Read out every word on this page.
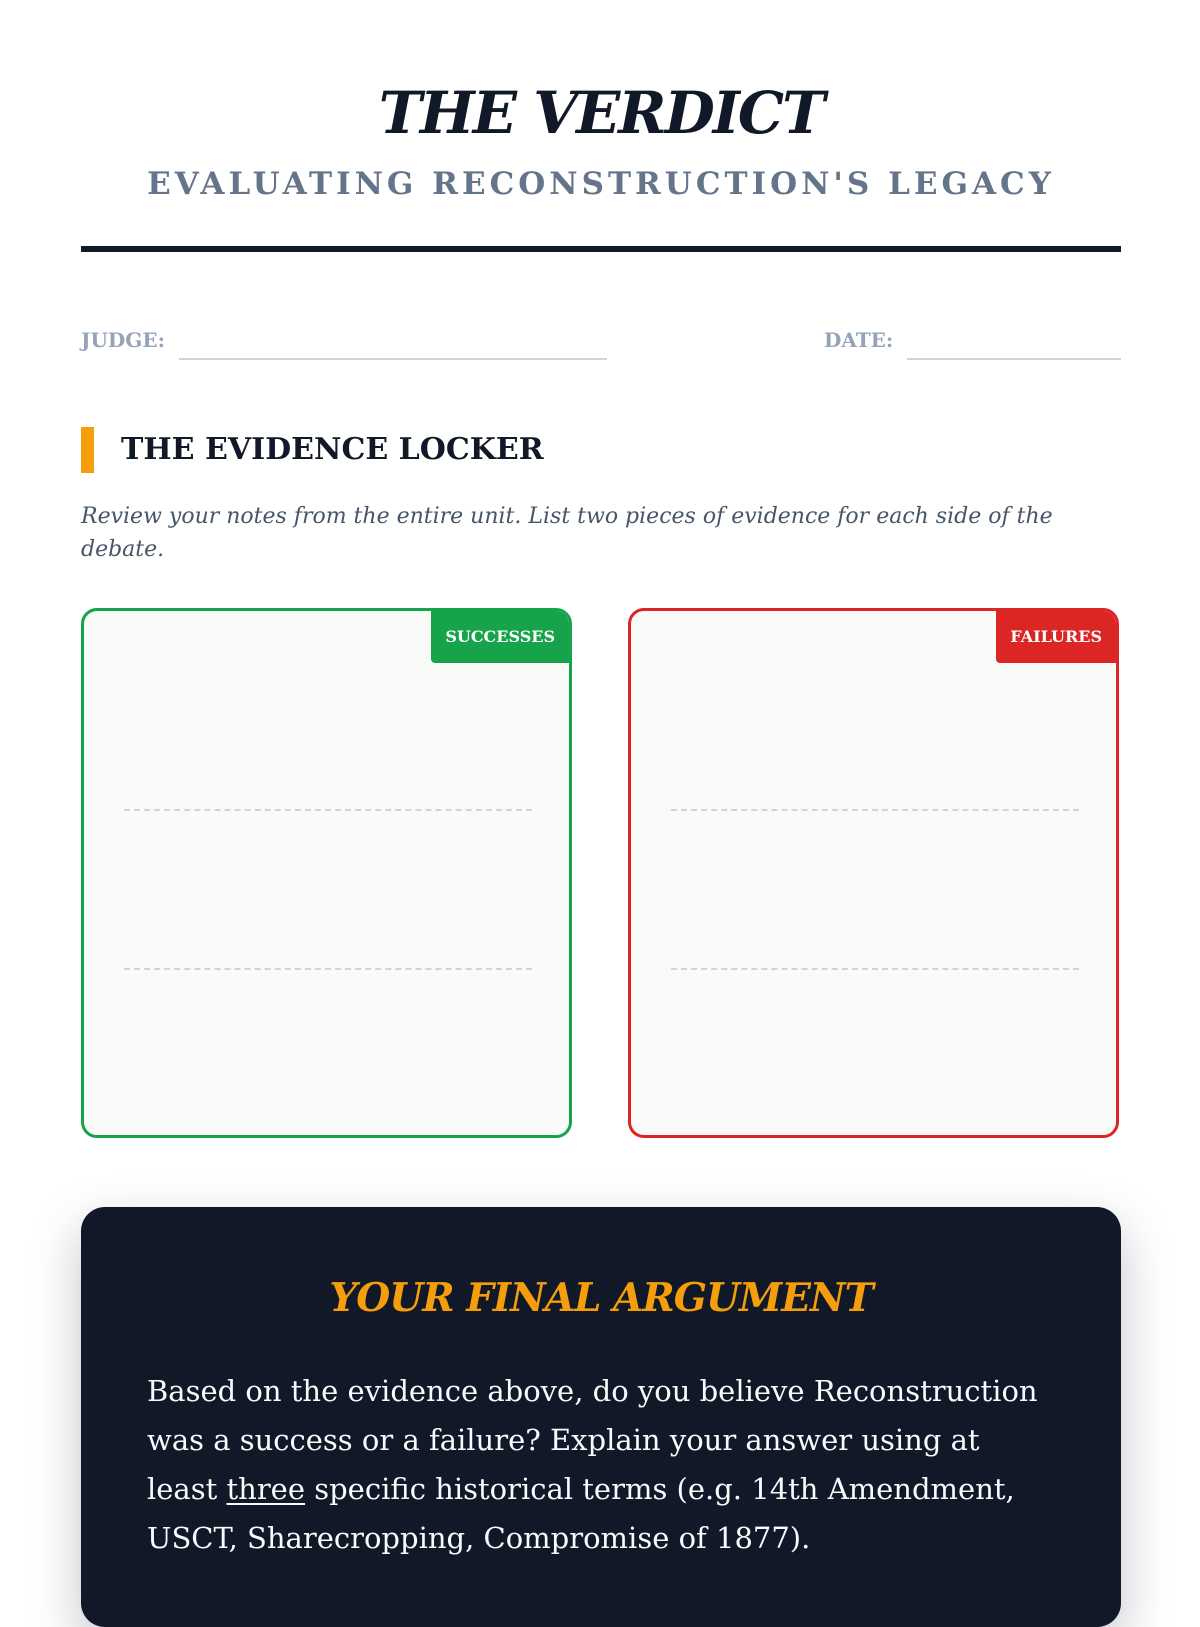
THE VERDICT
EVALUATING RECONSTRUCTION'S LEGACY
JUDGE:	DATE:
THE EVIDENCE LOCKER
Review your notes from the entire unit. List two pieces of evidence for each side of the debate.
SUCCESSES	FAILURES
YOUR FINAL ARGUMENT
Based on the evidence above, do you believe Reconstruction was a success or a failure? Explain your answer using at least three specific historical terms (e.g. 14th Amendment, USCT, Sharecropping, Compromise of 1877).
